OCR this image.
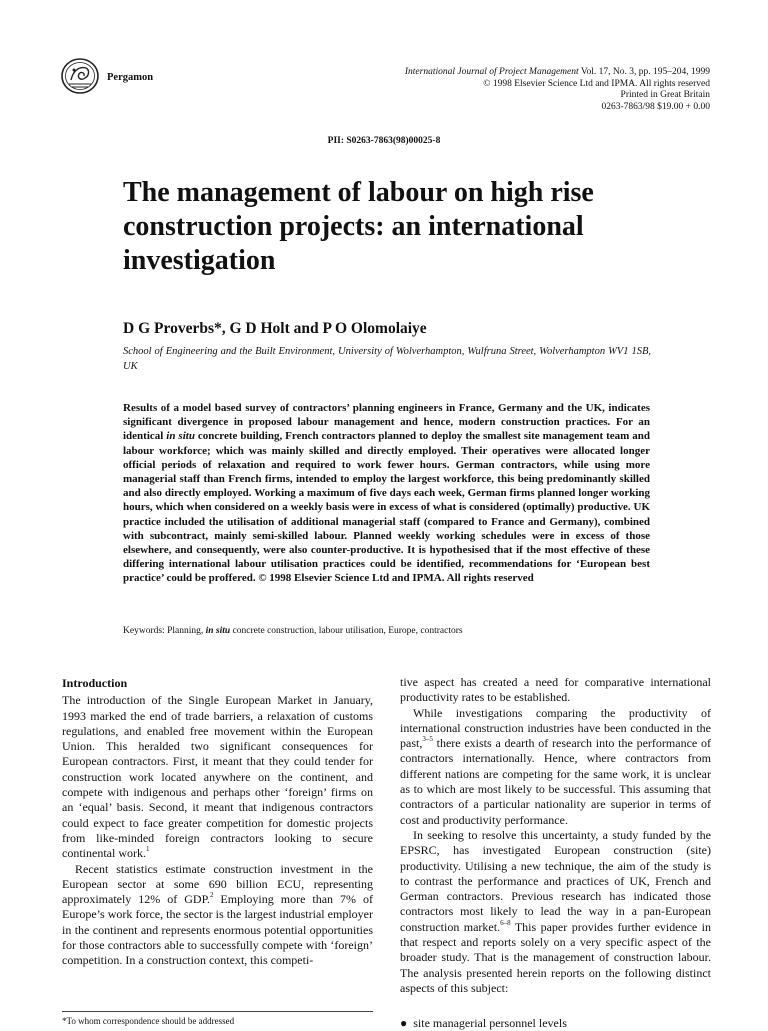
Pergamon	International Journal of Project Management Vol. 17, No. 3, pp. 195–204, 1999
© 1998 Elsevier Science Ltd and IPMA. All rights reserved
Printed in Great Britain
0263-7863/98 $19.00 + 0.00
PII: S0263-7863(98)00025-8
The management of labour on high rise construction projects: an international investigation
D G Proverbs*, G D Holt and P O Olomolaiye
School of Engineering and the Built Environment, University of Wolverhampton, Wulfruna Street, Wolverhampton WV1 1SB, UK
Results of a model based survey of contractors’ planning engineers in France, Germany and the UK, indicates significant divergence in proposed labour management and hence, modern construction practices. For an identical in situ concrete building, French contractors planned to deploy the smallest site management team and labour workforce; which was mainly skilled and directly employed. Their operatives were allocated longer official periods of relaxation and required to work fewer hours. German contractors, while using more managerial staff than French firms, intended to employ the largest workforce, this being predominantly skilled and also directly employed. Working a maximum of five days each week, German firms planned longer working hours, which when considered on a weekly basis were in excess of what is considered (optimally) productive. UK practice included the utilisation of additional managerial staff (compared to France and Germany), combined with subcontract, mainly semi-skilled labour. Planned weekly working schedules were in excess of those elsewhere, and consequently, were also counter-productive. It is hypothesised that if the most effective of these differing international labour utilisation practices could be identified, recommendations for ‘European best practice’ could be proffered. © 1998 Elsevier Science Ltd and IPMA. All rights reserved
Keywords: Planning, in situ concrete construction, labour utilisation, Europe, contractors
Introduction

The introduction of the Single European Market in January, 1993 marked the end of trade barriers, a relaxation of customs regulations, and enabled free movement within the European Union. This heralded two significant consequences for European contractors. First, it meant that they could tender for construction work located anywhere on the continent, and compete with indigenous and perhaps other ‘foreign’ firms on an ‘equal’ basis. Second, it meant that indigenous contractors could expect to face greater competition for domestic projects from like-minded foreign contractors looking to secure continental work.$^1$

Recent statistics estimate construction investment in the European sector at some 690 billion ECU, representing approximately 12% of GDP.$^2$ Employing more than 7% of Europe’s work force, the sector is the largest industrial employer in the continent and represents enormous potential opportunities for those contractors able to successfully compete with ‘foreign’ competition. In a construction context, this competi-

*To whom correspondence should be addressed

tive aspect has created a need for comparative international productivity rates to be established.

While investigations comparing the productivity of international construction industries have been conducted in the past,$^{3-5}$ there exists a dearth of research into the performance of contractors internationally. Hence, where contractors from different nations are competing for the same work, it is unclear as to which are most likely to be successful. This assuming that contractors of a particular nationality are superior in terms of cost and productivity performance.

In seeking to resolve this uncertainty, a study funded by the EPSRC, has investigated European construction (site) productivity. Utilising a new technique, the aim of the study is to contrast the performance and practices of UK, French and German contractors. Previous research has indicated those contractors most likely to lead the way in a pan-European construction market.$^{6-8}$ This paper provides further evidence in that respect and reports solely on a very specific aspect of the broader study. That is the management of construction labour. The analysis presented herein reports on the following distinct aspects of this subject:

●  site managerial personnel levels
